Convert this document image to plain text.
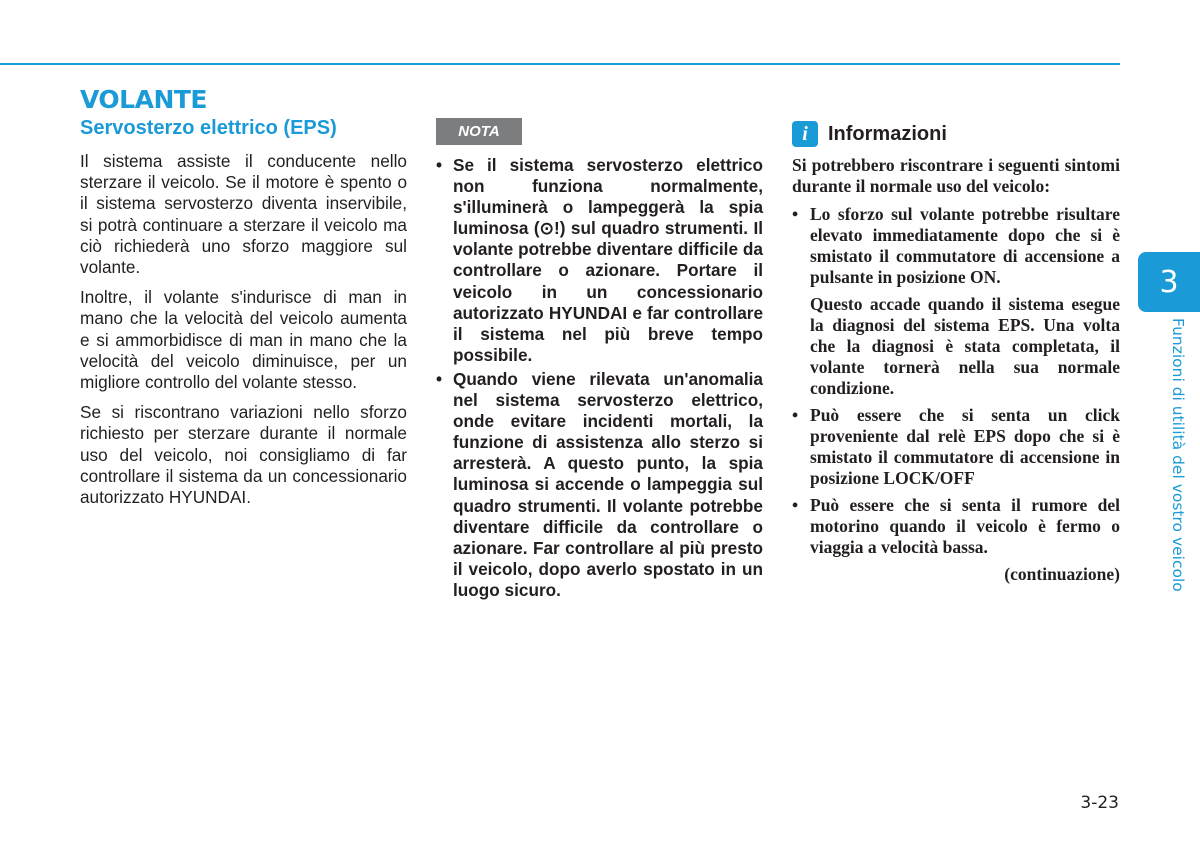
VOLANTE
Servosterzo elettrico (EPS)

Il sistema assiste il conducente nello sterzare il veicolo. Se il motore è spento o il sistema servosterzo diventa inservibile, si potrà continuare a sterzare il veicolo ma ciò richiederà uno sforzo maggiore sul volante.

Inoltre, il volante s'indurisce di man in mano che la velocità del veicolo aumenta e si ammorbidisce di man in mano che la velocità del veicolo diminuisce, per un migliore controllo del volante stesso.

Se si riscontrano variazioni nello sforzo richiesto per sterzare durante il normale uso del veicolo, noi consigliamo di far controllare il sistema da un concessionario autorizzato HYUNDAI.

NOTA
• Se il sistema servosterzo elettrico non funziona normalmente, s'illuminerà o lampeggerà la spia luminosa (⊙!) sul quadro strumenti. Il volante potrebbe diventare difficile da controllare o azionare. Portare il veicolo in un concessionario autorizzato HYUNDAI e far controllare il sistema nel più breve tempo possibile.
• Quando viene rilevata un'anomalia nel sistema servosterzo elettrico, onde evitare incidenti mortali, la funzione di assistenza allo sterzo si arresterà. A questo punto, la spia luminosa si accende o lampeggia sul quadro strumenti. Il volante potrebbe diventare difficile da controllare o azionare. Far controllare al più presto il veicolo, dopo averlo spostato in un luogo sicuro.
i	Informazioni

Si potrebbero riscontrare i seguenti sintomi durante il normale uso del veicolo:

• Lo sforzo sul volante potrebbe risultare elevato immediatamente dopo che si è smistato il commutatore di accensione a pulsante in posizione ON.
Questo accade quando il sistema esegue la diagnosi del sistema EPS. Una volta che la diagnosi è stata completata, il volante tornerà nella sua normale condizione.
• Può essere che si senta un click proveniente dal relè EPS dopo che si è smistato il commutatore di accensione in posizione LOCK/OFF
• Può essere che si senta il rumore del motorino quando il veicolo è fermo o viaggia a velocità bassa.
(continuazione)
3
Funzioni di utilità del vostro veicolo
3-23
